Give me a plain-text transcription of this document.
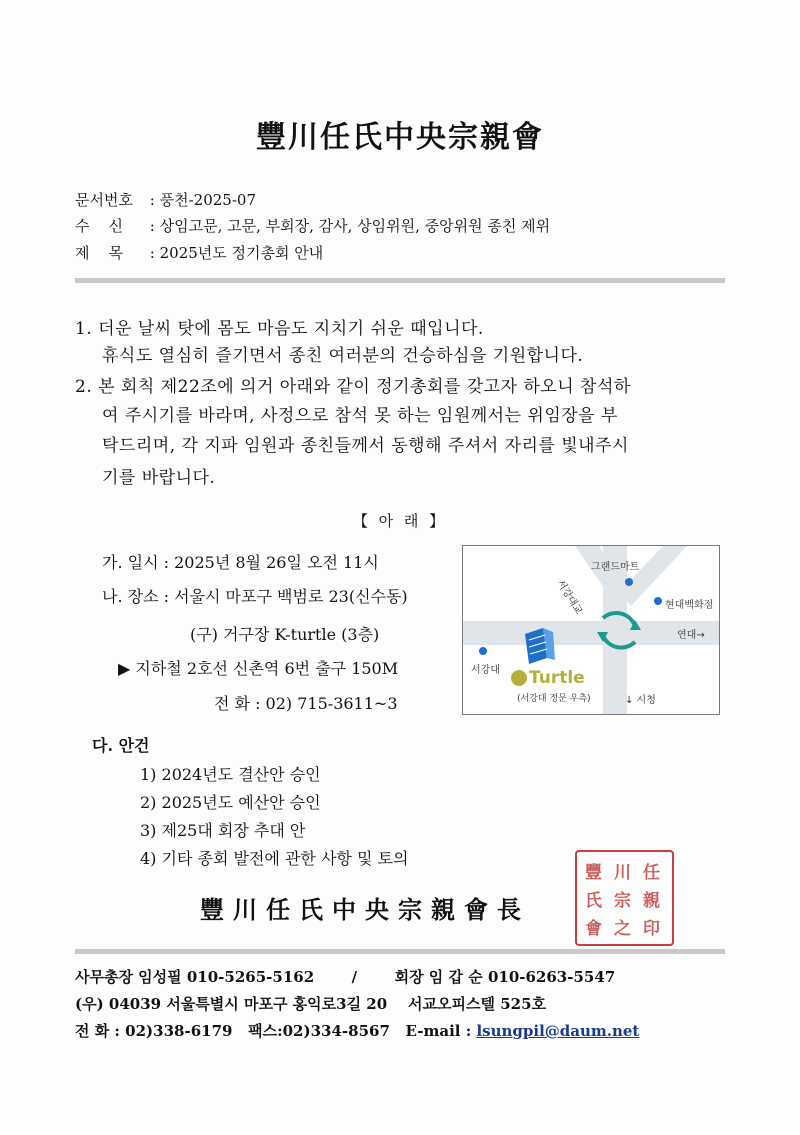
豐川任氏中央宗親會
문서번호 : 풍천-2025-07
수    신 : 상임고문, 고문, 부회장, 감사, 상임위원, 중앙위원 종친 제위
제    목 : 2025년도 정기총회 안내
1. 더운 날씨 탓에 몸도 마음도 지치기 쉬운 때입니다.
휴식도 열심히 즐기면서 종친 여러분의 건승하심을 기원합니다.
2. 본 회칙 제22조에 의거 아래와 같이 정기총회를 갖고자 하오니 참석하
여 주시기를 바라며, 사정으로 참석 못 하는 임원께서는 위임장을 부
탁드리며, 각 지파 임원과 종친들께서 동행해 주셔서 자리를 빛내주시
기를 바랍니다.
【 아 래 】
가. 일시 : 2025년 8월 26일 오전 11시
나. 장소 : 서울시 마포구 백범로 23(신수동)
(구) 거구장 K-turtle (3층)
▶ 지하철 2호선 신촌역 6번 출구 150M
전 화 : 02) 715-3611~3
그랜드마트
서강대교	현대백화점
연대→
서강대 Turtle
(서강대 정문 우측)	↓ 시청
다. 안건
1) 2024년도 결산안 승인
2) 2025년도 예산안 승인
3) 제25대 회장 추대 안
4) 기타 종회 발전에 관한 사항 및 토의
豐川任氏中央宗親會長
豐 川 任
氏 宗 親
會 之 印
사무총장 임성필 010-5265-5162 /	회장 임 갑 순 010-6263-5547
(우) 04039 서울특별시 마포구 홍익로3길 20    서교오피스텔 525호
전 화 : 02)338-6179   팩스:02)334-8567   E-mail : lsungpil@daum.net
